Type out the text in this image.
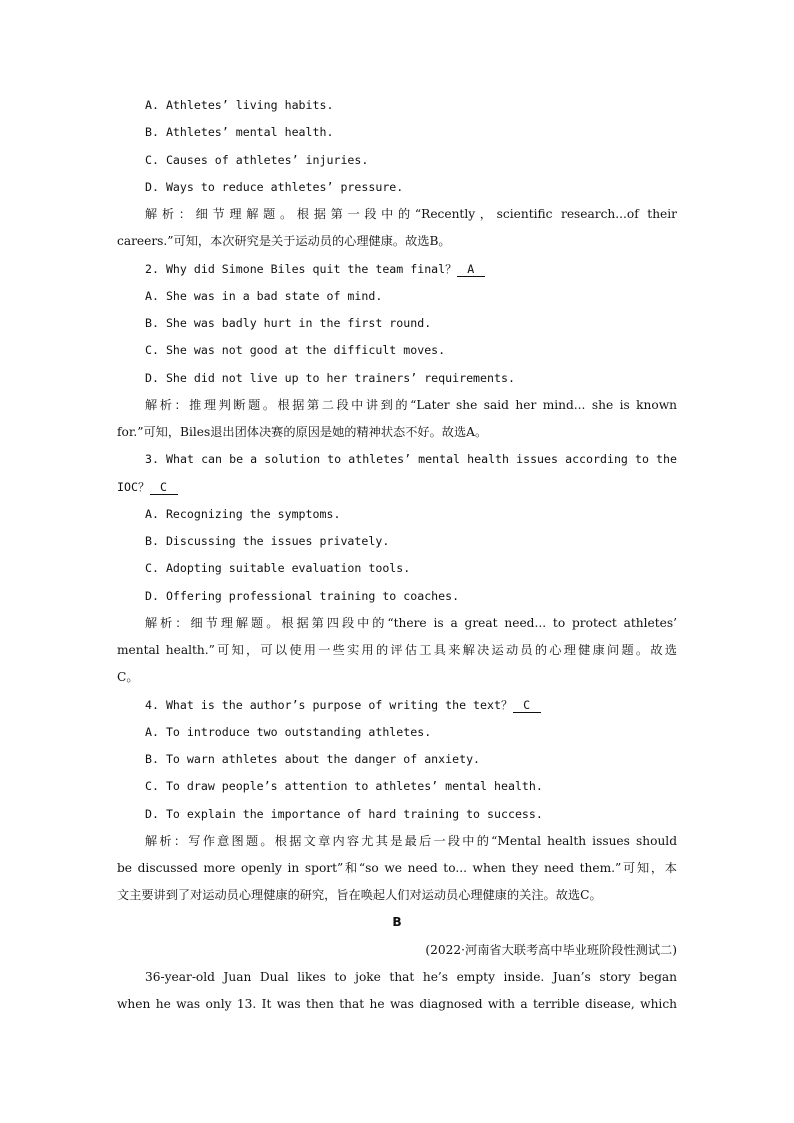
A. Athletes’ living habits.
B. Athletes’ mental health.
C. Causes of athletes’ injuries.
D. Ways to reduce athletes’ pressure.
解析：细节理解题。根据第一段中的“Recently，scientific research...of their
careers.”可知，本次研究是关于运动员的心理健康。故选B。
2. Why did Simone Biles quit the team final？ A
A. She was in a bad state of mind.
B. She was badly hurt in the first round.
C. She was not good at the difficult moves.
D. She did not live up to her trainers’ requirements.
解析：推理判断题。根据第二段中讲到的“Later she said her mind... she is known
for.”可知，Biles退出团体决赛的原因是她的精神状态不好。故选A。
3. What can be a solution to athletes’ mental health issues according to the
IOC？ C
A. Recognizing the symptoms.
B. Discussing the issues privately.
C. Adopting suitable evaluation tools.
D. Offering professional training to coaches.
解析：细节理解题。根据第四段中的“there is a great need... to protect athletes’
mental health.”可知，可以使用一些实用的评估工具来解决运动员的心理健康问题。故选
C。
4. What is the author’s purpose of writing the text？ C
A. To introduce two outstanding athletes.
B. To warn athletes about the danger of anxiety.
C. To draw people’s attention to athletes’ mental health.
D. To explain the importance of hard training to success.
解析：写作意图题。根据文章内容尤其是最后一段中的“Mental health issues should
be discussed more openly in sport”和“so we need to... when they need them.”可知，本
文主要讲到了对运动员心理健康的研究，旨在唤起人们对运动员心理健康的关注。故选C。
B
(2022·河南省大联考高中毕业班阶段性测试二)
36-year-old Juan Dual likes to joke that he’s empty inside. Juan’s story began
when he was only 13. It was then that he was diagnosed with a terrible disease, which
